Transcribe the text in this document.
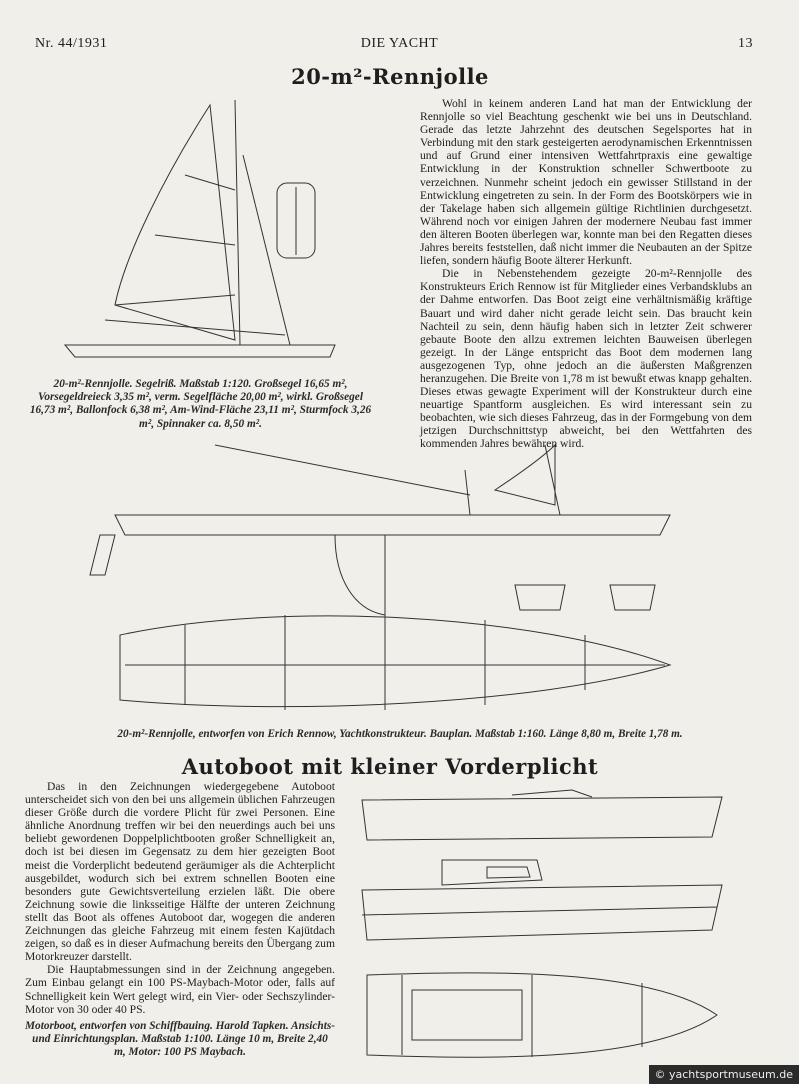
Nr. 44/1931	DIE YACHT	13
20-m²-Rennjolle
20-m²-Rennjolle. Segelriß. Maßstab 1:120. Großsegel 16,65 m², Vorsegeldreieck 3,35 m², verm. Segelfläche 20,00 m², wirkl. Großsegel 16,73 m², Ballonfock 6,38 m², Am-Wind-Fläche 23,11 m², Sturmfock 3,26 m², Spinnaker ca. 8,50 m².

Wohl in keinem anderen Land hat man der Entwicklung der Rennjolle so viel Beachtung geschenkt wie bei uns in Deutschland. Gerade das letzte Jahrzehnt des deutschen Segelsportes hat in Verbindung mit den stark gesteigerten aerodynamischen Erkenntnissen und auf Grund einer intensiven Wettfahrtpraxis eine gewaltige Entwicklung in der Konstruktion schneller Schwertboote zu verzeichnen. Nunmehr scheint jedoch ein gewisser Stillstand in der Entwicklung eingetreten zu sein. In der Form des Bootskörpers wie in der Takelage haben sich allgemein gültige Richtlinien durchgesetzt. Während noch vor einigen Jahren der modernere Neubau fast immer den älteren Booten überlegen war, konnte man bei den Regatten dieses Jahres bereits feststellen, daß nicht immer die Neubauten an der Spitze liefen, sondern häufig Boote älterer Herkunft.

Die in Nebenstehendem gezeigte 20-m²-Rennjolle des Konstrukteurs Erich Rennow ist für Mitglieder eines Verbandsklubs an der Dahme entworfen. Das Boot zeigt eine verhältnismäßig kräftige Bauart und wird daher nicht gerade leicht sein. Das braucht kein Nachteil zu sein, denn häufig haben sich in letzter Zeit schwerer gebaute Boote den allzu extremen leichten Bauweisen überlegen gezeigt. In der Länge entspricht das Boot dem modernen lang ausgezogenen Typ, ohne jedoch an die äußersten Maßgrenzen heranzugehen. Die Breite von 1,78 m ist bewußt etwas knapp gehalten. Dieses etwas gewagte Experiment will der Konstrukteur durch eine neuartige Spantform ausgleichen. Es wird interessant sein zu beobachten, wie sich dieses Fahrzeug, das in der Formgebung von dem jetzigen Durchschnittstyp abweicht, bei den Wettfahrten des kommenden Jahres bewähren wird.

20-m²-Rennjolle, entworfen von Erich Rennow, Yachtkonstrukteur. Bauplan. Maßstab 1:160. Länge 8,80 m, Breite 1,78 m.
Autoboot mit kleiner Vorderplicht

Das in den Zeichnungen wiedergegebene Autoboot unterscheidet sich von den bei uns allgemein üblichen Fahrzeugen dieser Größe durch die vordere Plicht für zwei Personen. Eine ähnliche Anordnung treffen wir bei den neuerdings auch bei uns beliebt gewordenen Doppelplichtbooten großer Schnelligkeit an, doch ist bei diesen im Gegensatz zu dem hier gezeigten Boot meist die Vorderplicht bedeutend geräumiger als die Achterplicht ausgebildet, wodurch sich bei extrem schnellen Booten eine besonders gute Gewichtsverteilung erzielen läßt. Die obere Zeichnung sowie die linksseitige Hälfte der unteren Zeichnung stellt das Boot als offenes Autoboot dar, wogegen die anderen Zeichnungen das gleiche Fahrzeug mit einem festen Kajütdach zeigen, so daß es in dieser Aufmachung bereits den Übergang zum Motorkreuzer darstellt.

Die Hauptabmessungen sind in der Zeichnung angegeben. Zum Einbau gelangt ein 100 PS-Maybach-Motor oder, falls auf Schnelligkeit kein Wert gelegt wird, ein Vier- oder Sechszylinder-Motor von 30 oder 40 PS.

Motorboot, entworfen von Schiffbauing. Harold Tapken. Ansichts- und Einrichtungsplan. Maßstab 1:100. Länge 10 m, Breite 2,40 m, Motor: 100 PS Maybach.
© yachtsportmuseum.de
